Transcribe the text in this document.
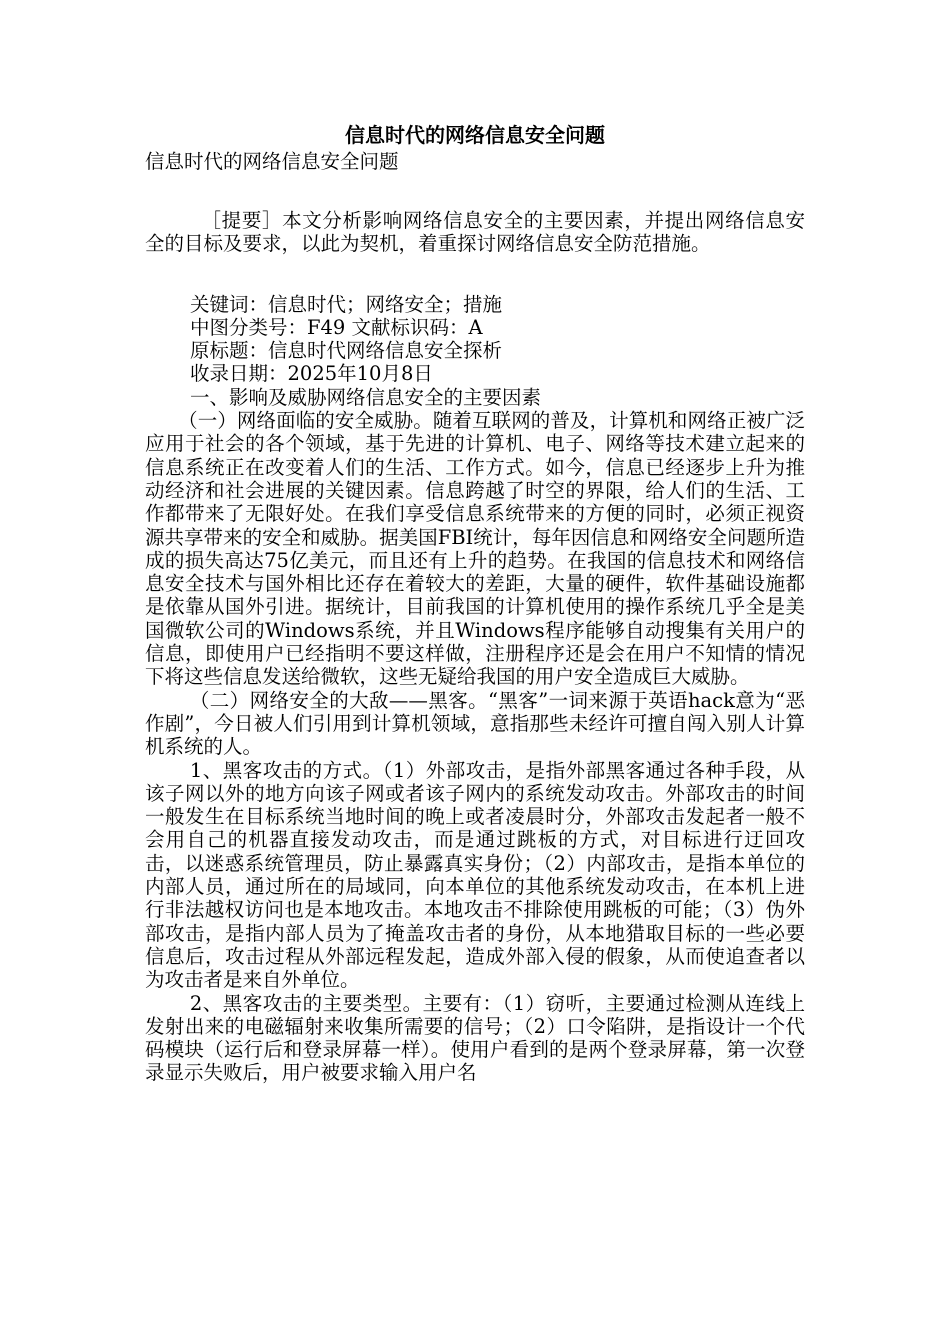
信息时代的网络信息安全问题

信息时代的网络信息安全问题

［提要］本文分析影响网络信息安全的主要因素，并提出网络信息安全的目标及要求，以此为契机，着重探讨网络信息安全防范措施。

关键词：信息时代；网络安全；措施

中图分类号：F49 文献标识码：A

原标题：信息时代网络信息安全探析

收录日期：2025年10月8日

一、影响及威胁网络信息安全的主要因素

（一）网络面临的安全威胁。随着互联网的普及，计算机和网络正被广泛应用于社会的各个领域，基于先进的计算机、电子、网络等技术建立起来的信息系统正在改变着人们的生活、工作方式。如今，信息已经逐步上升为推动经济和社会进展的关键因素。信息跨越了时空的界限，给人们的生活、工作都带来了无限好处。在我们享受信息系统带来的方便的同时，必须正视资源共享带来的安全和威胁。据美国FBI统计，每年因信息和网络安全问题所造成的损失高达75亿美元，而且还有上升的趋势。在我国的信息技术和网络信息安全技术与国外相比还存在着较大的差距，大量的硬件，软件基础设施都是依靠从国外引进。据统计，目前我国的计算机使用的操作系统几乎全是美国微软公司的Windows系统，并且Windows程序能够自动搜集有关用户的信息，即使用户已经指明不要这样做，注册程序还是会在用户不知情的情况下将这些信息发送给微软，这些无疑给我国的用户安全造成巨大威胁。

（二）网络安全的大敌——黑客。“黑客”一词来源于英语hack意为“恶作剧”，今日被人们引用到计算机领域，意指那些未经许可擅自闯入别人计算机系统的人。

1、黑客攻击的方式。（1）外部攻击，是指外部黑客通过各种手段，从该子网以外的地方向该子网或者该子网内的系统发动攻击。外部攻击的时间一般发生在目标系统当地时间的晚上或者凌晨时分，外部攻击发起者一般不会用自己的机器直接发动攻击，而是通过跳板的方式，对目标进行迂回攻击，以迷惑系统管理员，防止暴露真实身份；（2）内部攻击，是指本单位的内部人员，通过所在的局域同，向本单位的其他系统发动攻击，在本机上进行非法越权访问也是本地攻击。本地攻击不排除使用跳板的可能；（3）伪外部攻击，是指内部人员为了掩盖攻击者的身份，从本地猎取目标的一些必要信息后，攻击过程从外部远程发起，造成外部入侵的假象，从而使追查者以为攻击者是来自外单位。

2、黑客攻击的主要类型。主要有：（1）窃听，主要通过检测从连线上发射出来的电磁辐射来收集所需要的信号；（2）口令陷阱，是指设计一个代码模块（运行后和登录屏幕一样）。使用户看到的是两个登录屏幕，第一次登录显示失败后，用户被要求输入用户名
